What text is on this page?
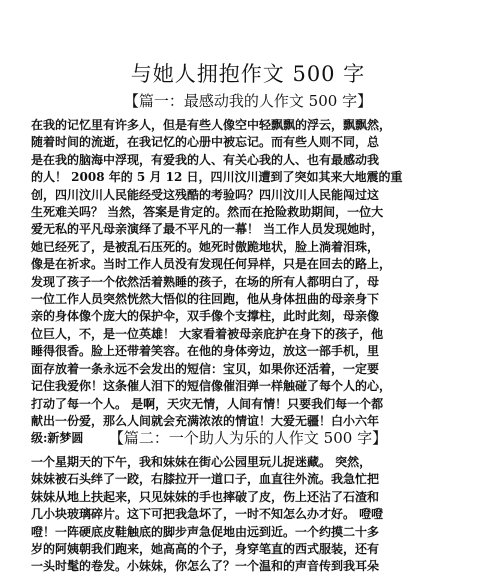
与她人拥抱作文 500 字
【篇一：最感动我的人作文 500 字】
在我的记忆里有许多人，但是有些人像空中轻飘飘的浮云，飘飘然，
随着时间的流逝，在我记忆的心册中被忘记。而有些人则不同，总
是在我的脑海中浮现，有爱我的人、有关心我的人、也有最感动我
的人！ 2008 年的 5 月 12 日，四川汶川遭到了突如其来大地震的重
创，四川汶川人民能经受这残酷的考验吗？四川汶川人民能闯过这
生死难关吗？ 当然，答案是肯定的。然而在抢险救助期间，一位大
爱无私的平凡母亲演绎了最不平凡的一幕！ 当工作人员发现她时，
她已经死了，是被乱石压死的。她死时傲跪地状，脸上淌着泪珠，
像是在祈求。当时工作人员没有发现任何异样，只是在回去的路上，
发现了孩子一个依然活着熟睡的孩子，在场的所有人都明白了，母
一位工作人员突然恍然大悟似的往回跑，他从身体扭曲的母亲身下
亲的身体像个庞大的保护伞，双手像个支撑柱，此时此刻，母亲像
位巨人，不，是一位英雄！ 大家看着被母亲庇护在身下的孩子，他
睡得很香。脸上还带着笑容。在他的身体旁边，放这一部手机，里
面存放着一条永远不会发出的短信：宝贝，如果你还活着，一定要
记住我爱你！这条催人泪下的短信像催泪弹一样触碰了每个人的心，
打动了每一个人。 是啊，天灾无情，人间有情！只要我们每一个都
献出一份爱，那么人间就会充满浓浓的情谊！大爱无疆！白小六年
级:新梦圆	【篇二：一个助人为乐的人作文 500 字】
一个星期天的下午，我和妹妹在街心公园里玩儿捉迷藏。 突然，
妹妹被石头绊了一跤，右膝拉开一道口子，血直往外流。我急忙把
妹妹从地上扶起来，只见妹妹的手也摔破了皮，伤上还沾了石渣和
几小块玻璃碎片。这下可把我急坏了，一时不知怎么办才好。 噔噔
噔！一阵硬底皮鞋触底的脚步声急促地由远到近。一个约摸二十多
岁的阿姨朝我们跑来，她高高的个子，身穿笔直的西式服装，还有
一头时髦的卷发。小妹妹，你怎么了？一个温和的声音传到我耳朵
